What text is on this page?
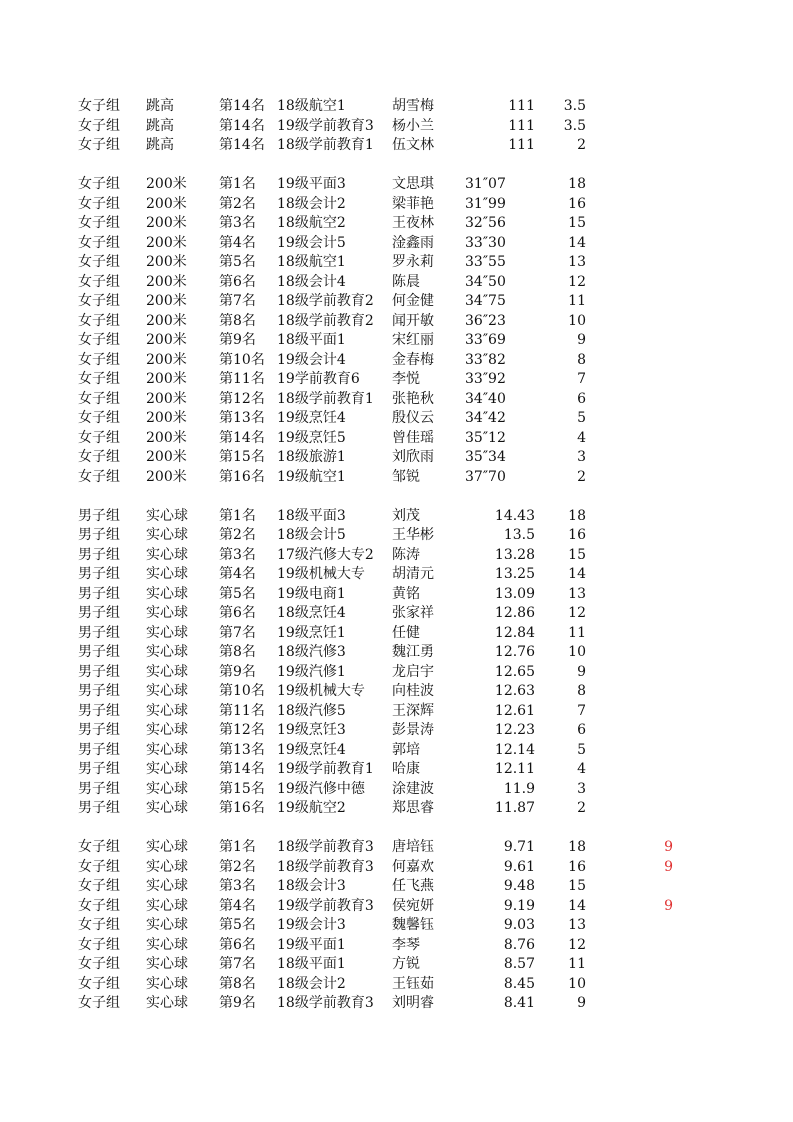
女子组 跳高	第14名 18级航空1	胡雪梅	111	3.5
女子组 跳高	第14名 19级学前教育3 杨小兰	111	3.5
女子组 跳高	第14名 18级学前教育1 伍文林	111	2
女子组 200米 第1名 19级平面3	文思琪 31″07	18
女子组 200米 第2名 18级会计2	梁菲艳 31″99	16
女子组 200米 第3名 18级航空2	王夜林 32″56	15
女子组 200米 第4名 19级会计5	淦鑫雨 33″30	14
女子组 200米 第5名 18级航空1	罗永莉 33″55	13
女子组 200米 第6名 18级会计4	陈晨	34″50	12
女子组 200米 第7名 18级学前教育2 何金健 34″75	11
女子组 200米 第8名 18级学前教育2 闻开敏 36″23	10
女子组 200米 第9名 18级平面1	宋红丽 33″69	9
女子组 200米 第10名 19级会计4	金春梅 33″82	8
女子组 200米 第11名 19学前教育6 李悦	33″92	7
女子组 200米 第12名 18级学前教育1 张艳秋 34″40	6
女子组 200米 第13名 19级烹饪4	殷仪云 34″42	5
女子组 200米 第14名 19级烹饪5	曾佳瑶 35″12	4
女子组 200米 第15名 18级旅游1	刘欣雨 35″34	3
女子组 200米 第16名 19级航空1	邹锐	37″70	2
男子组 实心球 第1名 18级平面3	刘茂	14.43	18
男子组 实心球 第2名 18级会计5	王华彬	13.5	16
男子组 实心球 第3名 17级汽修大专2 陈涛	13.28	15
男子组 实心球 第4名 19级机械大专 胡清元	13.25	14
男子组 实心球 第5名 19级电商1	黄铭	13.09	13
男子组 实心球 第6名 18级烹饪4	张家祥	12.86	12
男子组 实心球 第7名 19级烹饪1	任健	12.84	11
男子组 实心球 第8名 18级汽修3	魏江勇	12.76	10
男子组 实心球 第9名 19级汽修1	龙启宇	12.65	9
男子组 实心球 第10名 19级机械大专 向桂波	12.63	8
男子组 实心球 第11名 18级汽修5	王深辉	12.61	7
男子组 实心球 第12名 19级烹饪3	彭景涛	12.23	6
男子组 实心球 第13名 19级烹饪4	郭培	12.14	5
男子组 实心球 第14名 19级学前教育1 哈康	12.11	4
男子组 实心球 第15名 19级汽修中德 涂建波	11.9	3
男子组 实心球 第16名 19级航空2	郑思睿	11.87	2
女子组 实心球 第1名 18级学前教育3 唐培钰	9.71	18	9
女子组 实心球 第2名 18级学前教育3 何嘉欢	9.61	16	9
女子组 实心球 第3名 18级会计3	任飞燕	9.48	15
女子组 实心球 第4名 19级学前教育3 侯宛妍	9.19	14	9
女子组 实心球 第5名 19级会计3	魏馨钰	9.03	13
女子组 实心球 第6名 19级平面1	李琴	8.76	12
女子组 实心球 第7名 18级平面1	方锐	8.57	11
女子组 实心球 第8名 18级会计2	王钰茹	8.45	10
女子组 实心球 第9名 18级学前教育3 刘明睿	8.41	9
